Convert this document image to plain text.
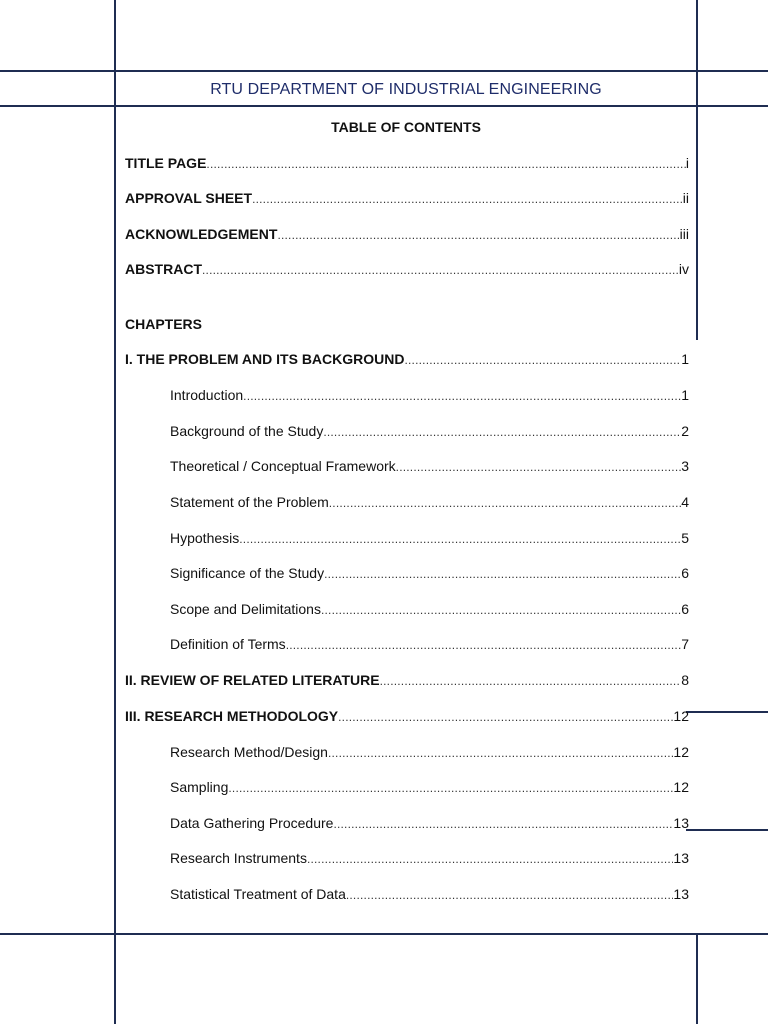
RTU DEPARTMENT OF INDUSTRIAL ENGINEERING
TABLE OF CONTENTS
TITLE PAGE .....	i
APPROVAL SHEET .....	ii
ACKNOWLEDGEMENT .....	iii
ABSTRACT .....	iv
CHAPTERS
I. THE PROBLEM AND ITS BACKGROUND .....	1
Introduction .....	1
Background of the Study .....	2
Theoretical / Conceptual Framework .....	3
Statement of the Problem .....	4
Hypothesis .....	5
Significance of the Study .....	6
Scope and Delimitations .....	6
Definition of Terms .....	7
II. REVIEW OF RELATED LITERATURE .....	8
III. RESEARCH METHODOLOGY .....	12
Research Method/Design .....	12
Sampling .....	12
Data Gathering Procedure .....	13
Research Instruments .....	13
Statistical Treatment of Data .....	13
